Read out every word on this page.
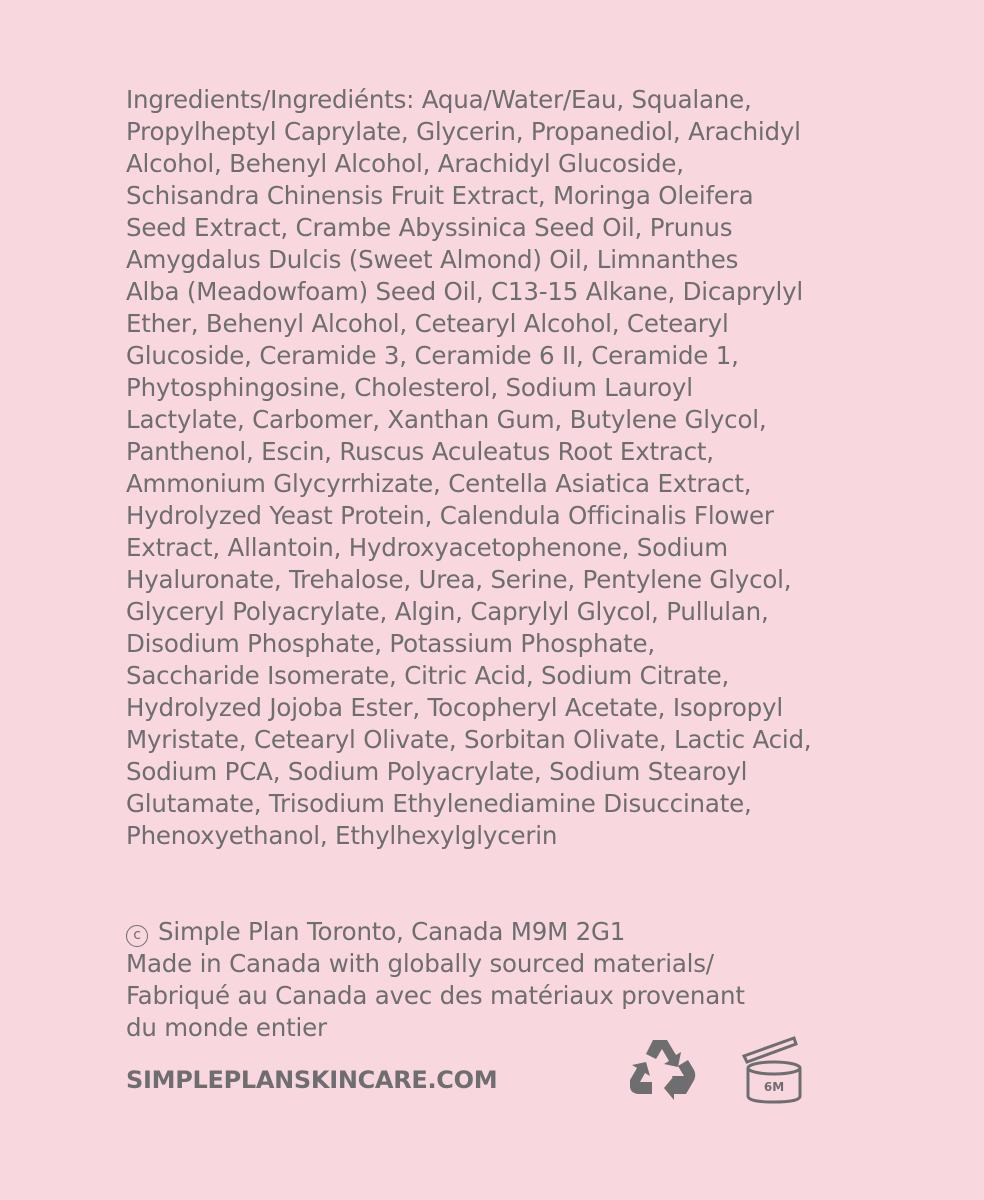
Ingredients/Ingrediénts: Aqua/Water/Eau, Squalane,
Propylheptyl Caprylate, Glycerin, Propanediol, Arachidyl
Alcohol, Behenyl Alcohol, Arachidyl Glucoside,
Schisandra Chinensis Fruit Extract, Moringa Oleifera
Seed Extract, Crambe Abyssinica Seed Oil, Prunus
Amygdalus Dulcis (Sweet Almond) Oil, Limnanthes
Alba (Meadowfoam) Seed Oil, C13-15 Alkane, Dicaprylyl
Ether, Behenyl Alcohol, Cetearyl Alcohol, Cetearyl
Glucoside, Ceramide 3, Ceramide 6 II, Ceramide 1,
Phytosphingosine, Cholesterol, Sodium Lauroyl
Lactylate, Carbomer, Xanthan Gum, Butylene Glycol,
Panthenol, Escin, Ruscus Aculeatus Root Extract,
Ammonium Glycyrrhizate, Centella Asiatica Extract,
Hydrolyzed Yeast Protein, Calendula Officinalis Flower
Extract, Allantoin, Hydroxyacetophenone, Sodium
Hyaluronate, Trehalose, Urea, Serine, Pentylene Glycol,
Glyceryl Polyacrylate, Algin, Caprylyl Glycol, Pullulan,
Disodium Phosphate, Potassium Phosphate,
Saccharide Isomerate, Citric Acid, Sodium Citrate,
Hydrolyzed Jojoba Ester, Tocopheryl Acetate, Isopropyl
Myristate, Cetearyl Olivate, Sorbitan Olivate, Lactic Acid,
Sodium PCA, Sodium Polyacrylate, Sodium Stearoyl
Glutamate, Trisodium Ethylenediamine Disuccinate,
Phenoxyethanol, Ethylhexylglycerin
c Simple Plan Toronto, Canada M9M 2G1
Made in Canada with globally sourced materials/
Fabriqué au Canada avec des matériaux provenant
du monde entier
SIMPLEPLANSKINCARE.COM	6M
